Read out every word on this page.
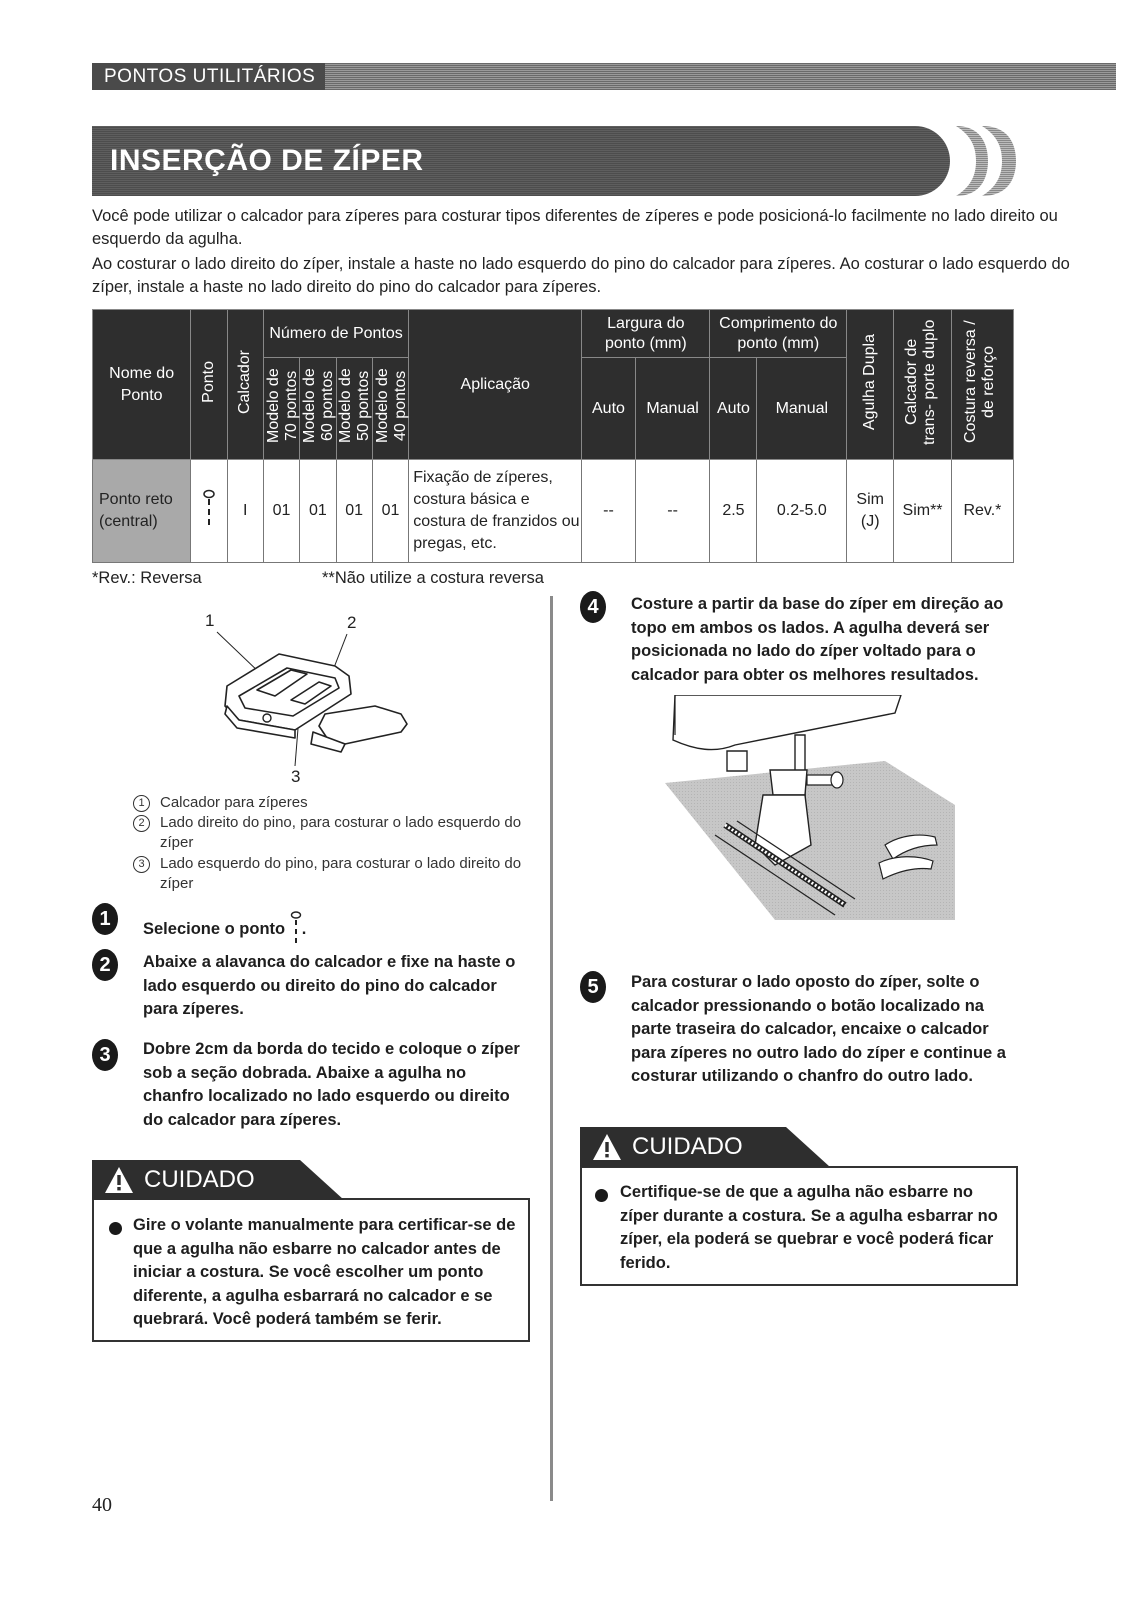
PONTOS UTILITÁRIOS
INSERÇÃO DE ZÍPER
Você pode utilizar o calcador para zíperes para costurar tipos diferentes de zíperes e pode posicioná-lo facilmente no lado direito ou esquerdo da agulha.
Ao costurar o lado direito do zíper, instale a haste no lado esquerdo do pino do calcador para zíperes. Ao costurar o lado esquerdo do zíper, instale a haste no lado direito do pino do calcador para zíperes.
Nome do Ponto	Ponto	Calcador	Número de Pontos				Aplicação	Largura do ponto (mm)		Comprimento do ponto (mm)		Agulha Dupla	Calcador de trans- porte duplo	Costura reversa / de reforço
			Modelo de 70 pontos	Modelo de 60 pontos	Modelo de 50 pontos	Modelo de 40 pontos		Auto	Manual	Auto	Manual			
Ponto reto (central)		I	01	01	01	01	Fixação de zíperes, costura básica e costura de franzidos ou pregas, etc.	--	--	2.5	0.2-5.0	Sim (J)	Sim**	Rev.*
*Rev.: Reversa	**Não utilize a costura reversa
1	2
3
1 Calcador para zíperes
2 Lado direito do pino, para costurar o lado esquerdo do zíper
3 Lado esquerdo do pino, para costurar o lado direito do zíper
1	Selecione o ponto .
2	Abaixe a alavanca do calcador e fixe na haste o lado esquerdo ou direito do pino do calcador para zíperes.
3	Dobre 2cm da borda do tecido e coloque o zíper sob a seção dobrada. Abaixe a agulha no chanfro localizado no lado esquerdo ou direito do calcador para zíperes.
CUIDADO
Gire o volante manualmente para certificar-se de que a agulha não esbarre no calcador antes de iniciar a costura. Se você escolher um ponto diferente, a agulha esbarrará no calcador e se quebrará. Você poderá também se ferir.
4	Costure a partir da base do zíper em direção ao topo em ambos os lados. A agulha deverá ser posicionada no lado do zíper voltado para o calcador para obter os melhores resultados.
5	Para costurar o lado oposto do zíper, solte o calcador pressionando o botão localizado na parte traseira do calcador, encaixe o calcador para zíperes no outro lado do zíper e continue a costurar utilizando o chanfro do outro lado.
CUIDADO
Certifique-se de que a agulha não esbarre no zíper durante a costura. Se a agulha esbarrar no zíper, ela poderá se quebrar e você poderá ficar ferido.
40
